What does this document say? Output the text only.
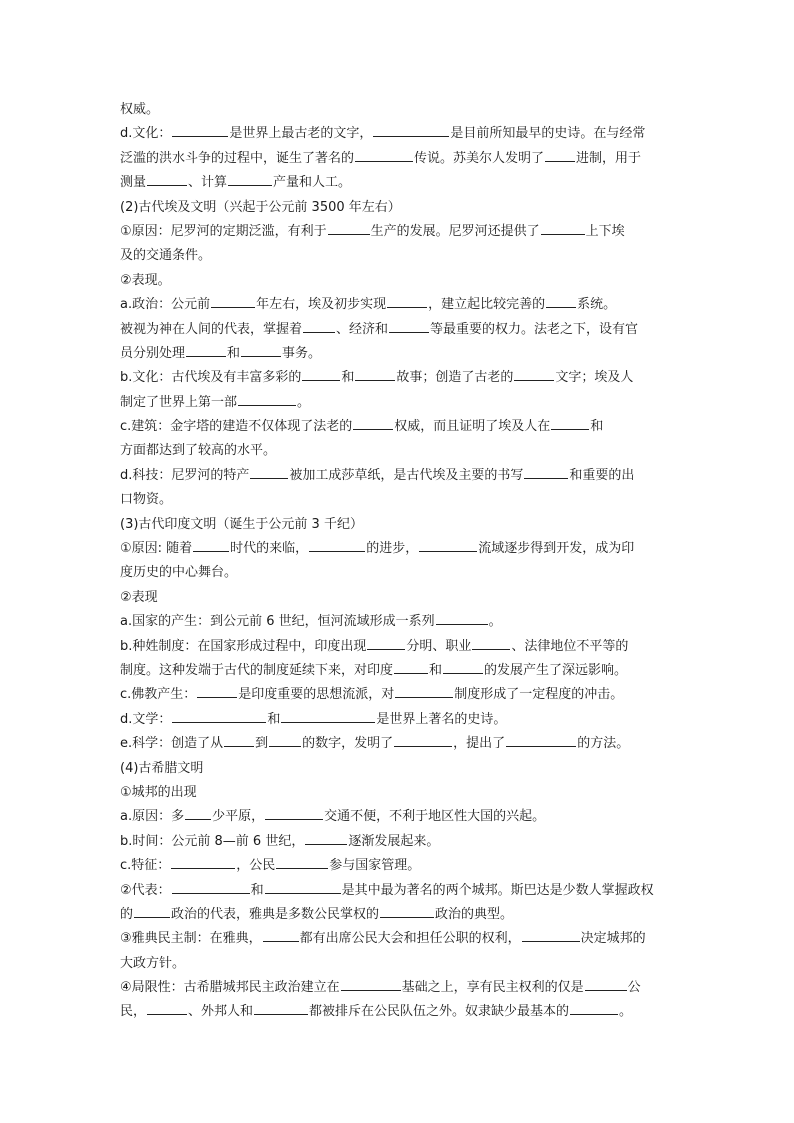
权威。
d.文化：	是世界上最古老的文字，	是目前所知最早的史诗。在与经常
泛滥的洪水斗争的过程中，诞生了著名的	传说。苏美尔人发明了 进制，用于
测量	、计算	产量和人工。
(2)古代埃及文明（兴起于公元前 3500 年左右）
①原因：尼罗河的定期泛滥，有利于	生产的发展。尼罗河还提供了	上下埃
及的交通条件。
②表现。
a.政治：公元前	年左右，埃及初步实现	，建立起比较完善的 系统。
被视为神在人间的代表，掌握着	、经济和	等最重要的权力。法老之下，设有官
员分别处理	和	事务。
b.文化：古代埃及有丰富多彩的	和	故事；创造了古老的	文字；埃及人
制定了世界上第一部	。
c.建筑：金字塔的建造不仅体现了法老的	权威，而且证明了埃及人在	和
方面都达到了较高的水平。
d.科技：尼罗河的特产	被加工成莎草纸，是古代埃及主要的书写	和重要的出
口物资。
(3)古代印度文明（诞生于公元前 3 千纪）
①原因: 随着	时代的来临，	的进步，	流域逐步得到开发，成为印
度历史的中心舞台。
②表现
a.国家的产生：到公元前 6 世纪，恒河流域形成一系列	。
b.种姓制度：在国家形成过程中，印度出现	分明、职业	、法律地位不平等的
制度。这种发端于古代的制度延续下来，对印度	和	的发展产生了深远影响。
c.佛教产生：	是印度重要的思想流派，对	制度形成了一定程度的冲击。
d.文学：	和	是世界上著名的史诗。
e.科学：创造了从 到	的数字，发明了	，提出了	的方法。
(4)古希腊文明
①城邦的出现
a.原因：多 少平原，	交通不便，不利于地区性大国的兴起。
b.时间：公元前 8—前 6 世纪，	逐渐发展起来。
c.特征：	，公民	参与国家管理。
②代表：	和	是其中最为著名的两个城邦。斯巴达是少数人掌握政权
的	政治的代表，雅典是多数公民掌权的	政治的典型。
③雅典民主制：在雅典，	都有出席公民大会和担任公职的权利，	决定城邦的
大政方针。
④局限性：古希腊城邦民主政治建立在	基础之上，享有民主权利的仅是	公
民，	、外邦人和	都被排斥在公民队伍之外。奴隶缺少最基本的	。
